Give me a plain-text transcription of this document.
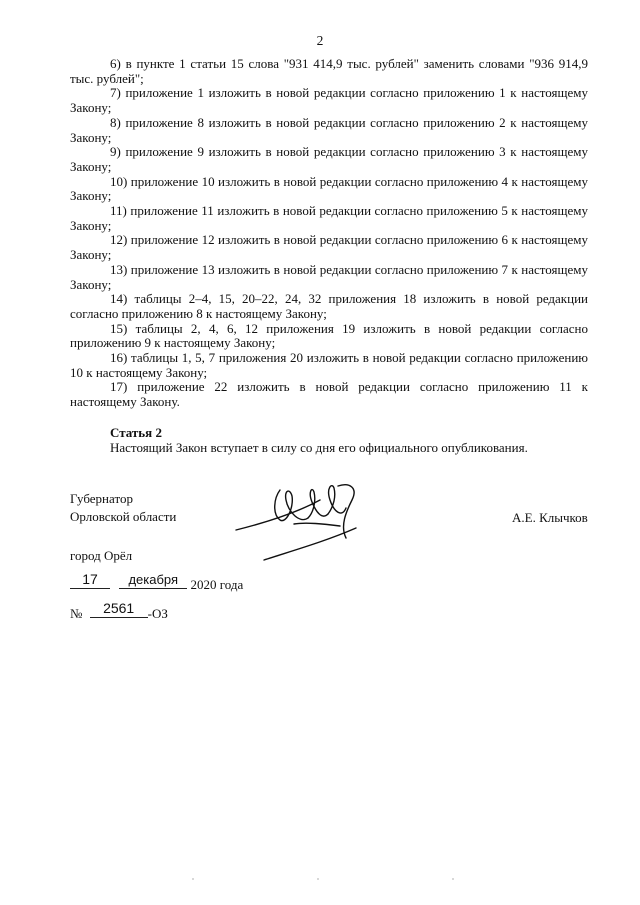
2

6) в пункте 1 статьи 15 слова "931 414,9 тыс. рублей" заменить словами "936 914,9 тыс. рублей";

7) приложение 1 изложить в новой редакции согласно приложению 1 к настоящему Закону;

8) приложение 8 изложить в новой редакции согласно приложению 2 к настоящему Закону;

9) приложение 9 изложить в новой редакции согласно приложению 3 к настоящему Закону;

10) приложение 10 изложить в новой редакции согласно приложению 4 к настоящему Закону;

11) приложение 11 изложить в новой редакции согласно приложению 5 к настоящему Закону;

12) приложение 12 изложить в новой редакции согласно приложению 6 к настоящему Закону;

13) приложение 13 изложить в новой редакции согласно приложению 7 к настоящему Закону;

14) таблицы 2–4, 15, 20–22, 24, 32 приложения 18 изложить в новой редакции согласно приложению 8 к настоящему Закону;

15) таблицы 2, 4, 6, 12 приложения 19 изложить в новой редакции согласно приложению 9 к настоящему Закону;

16) таблицы 1, 5, 7 приложения 20 изложить в новой редакции согласно приложению 10 к настоящему Закону;

17) приложение 22 изложить в новой редакции согласно приложению 11 к настоящему Закону.

Статья 2
Настоящий Закон вступает в силу со дня его официального опубликования.
Губернатор
Орловской области	А.Е. Клычков
город Орёл
17
	декабря 2020 года
№	2561	-ОЗ
